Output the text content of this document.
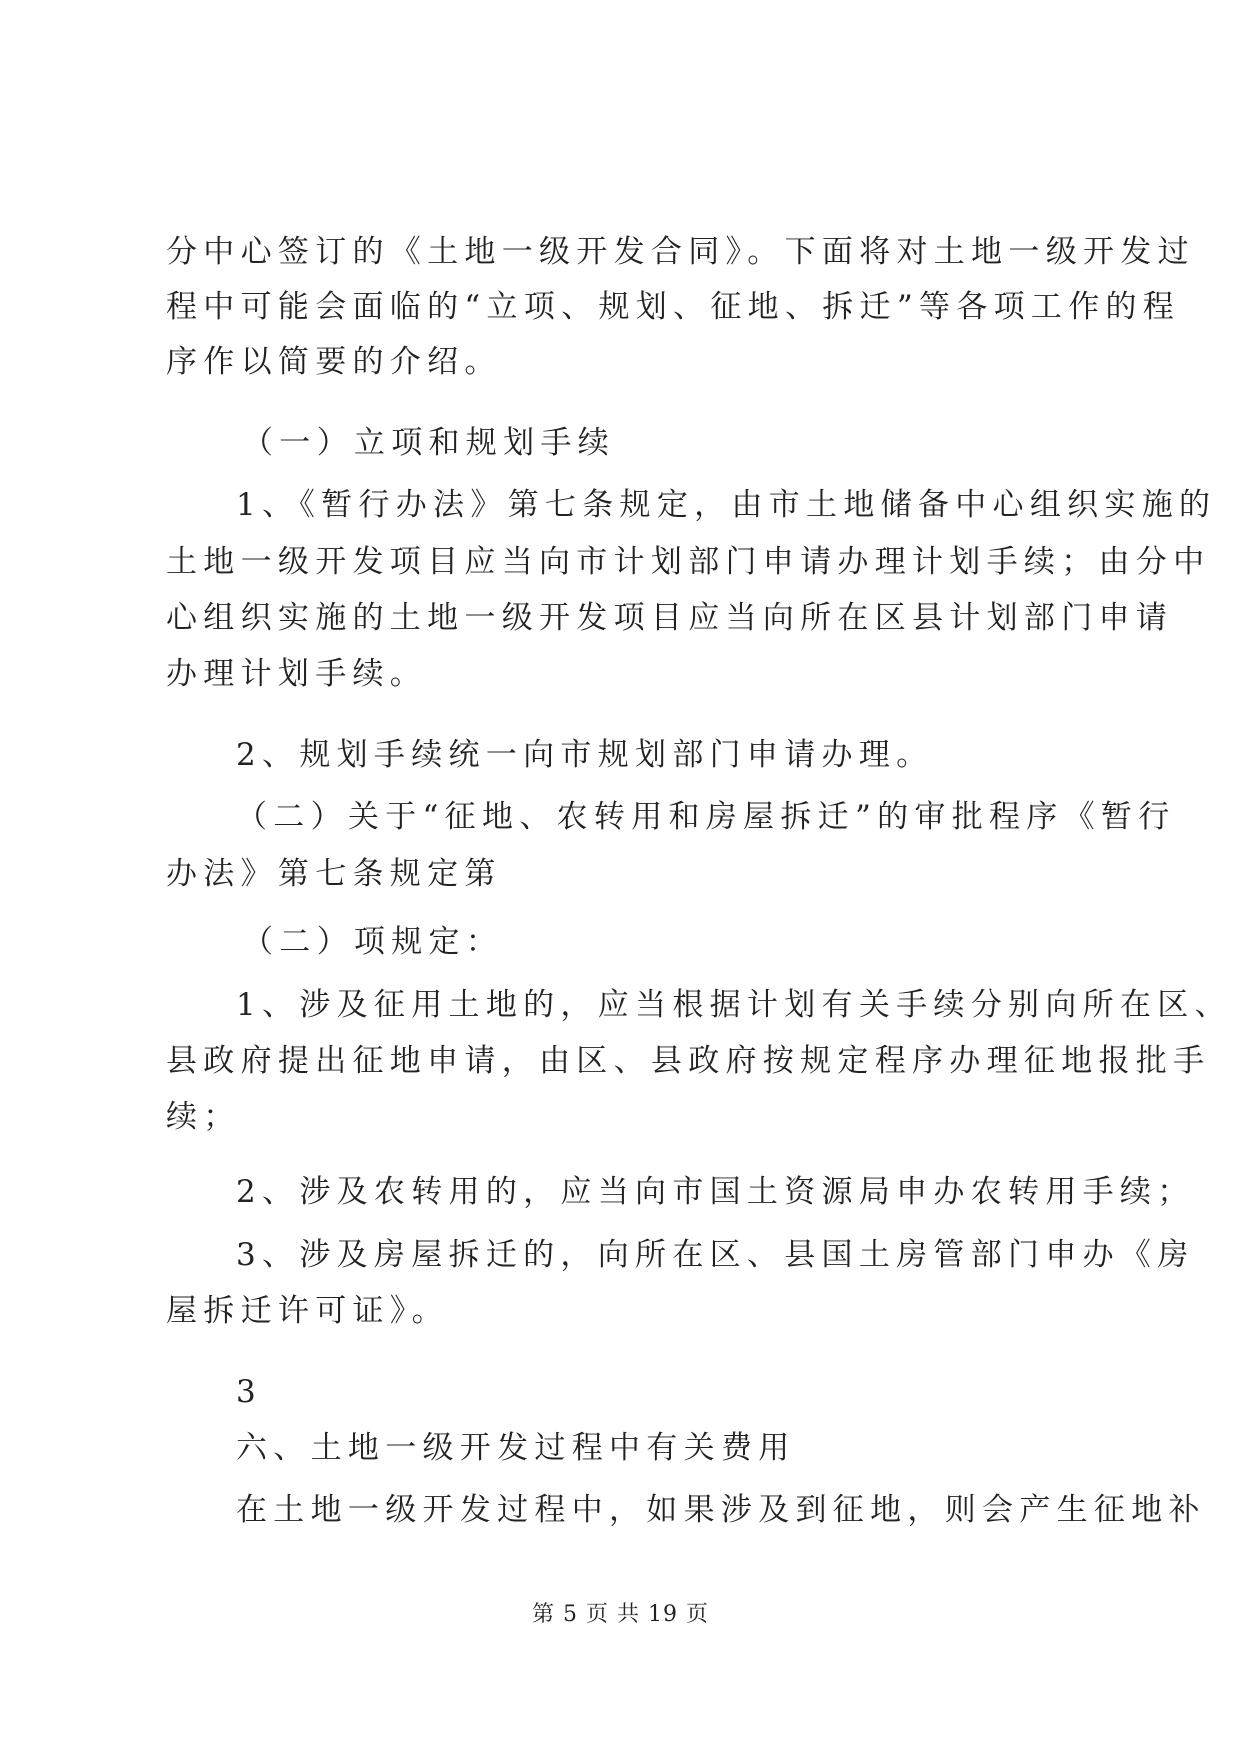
分中心签订的《土地一级开发合同》。下面将对土地一级开发过
程中可能会面临的“立项、规划、征地、拆迁”等各项工作的程
序作以简要的介绍。
（一）立项和规划手续
1、《暂行办法》第七条规定，由市土地储备中心组织实施的
土地一级开发项目应当向市计划部门申请办理计划手续；由分中
心组织实施的土地一级开发项目应当向所在区县计划部门申请
办理计划手续。
2、规划手续统一向市规划部门申请办理。
（二）关于“征地、农转用和房屋拆迁”的审批程序《暂行
办法》第七条规定第
（二）项规定：
1、涉及征用土地的，应当根据计划有关手续分别向所在区、
县政府提出征地申请，由区、县政府按规定程序办理征地报批手
续；
2、涉及农转用的，应当向市国土资源局申办农转用手续；
3、涉及房屋拆迁的，向所在区、县国土房管部门申办《房
屋拆迁许可证》。
3
六、土地一级开发过程中有关费用
在土地一级开发过程中，如果涉及到征地，则会产生征地补
第 5 页 共 19 页
